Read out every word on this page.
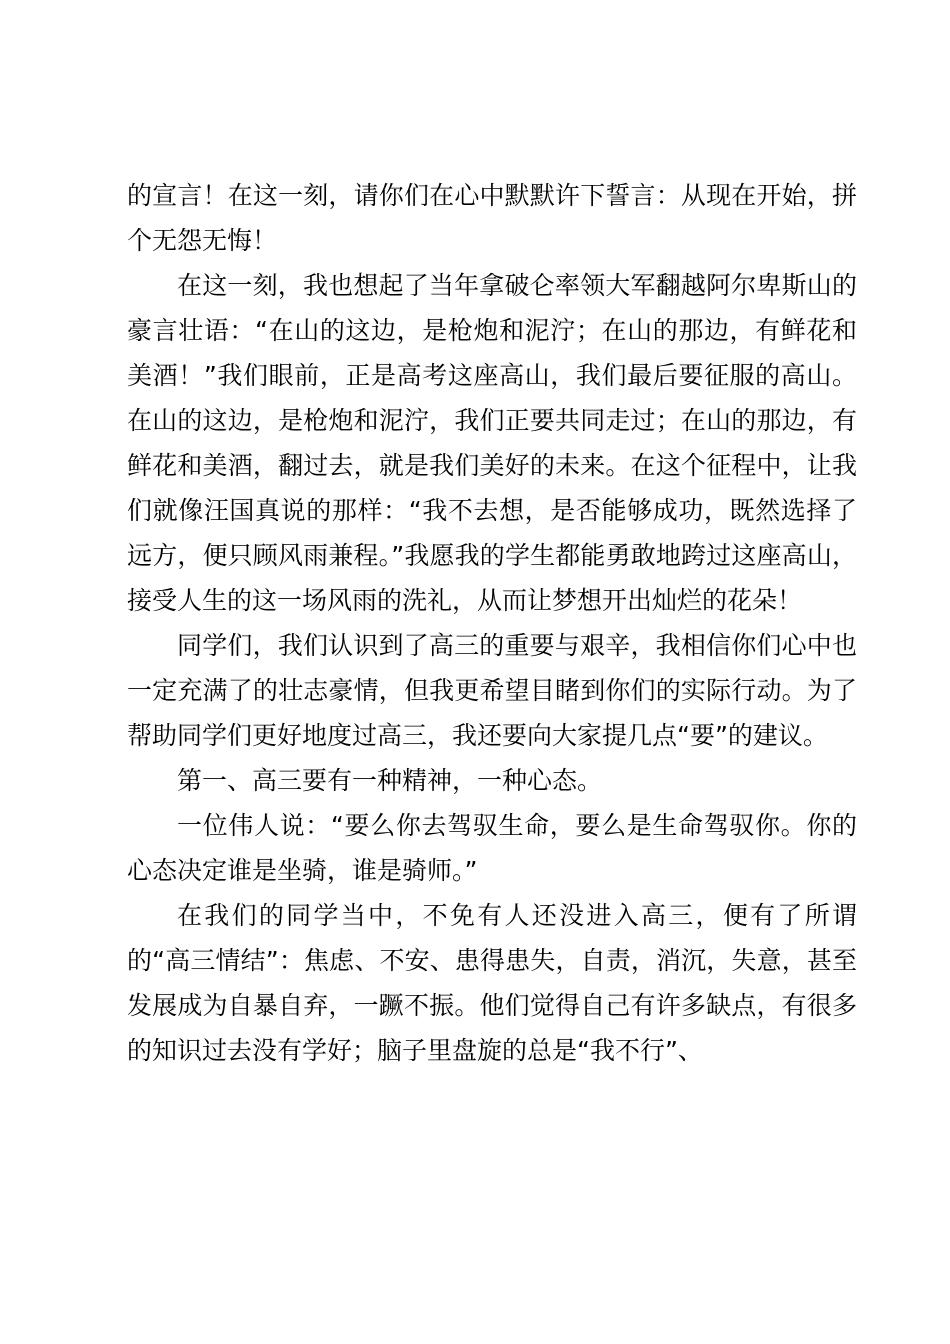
的宣言！在这一刻，请你们在心中默默许下誓言：从现在开始，拼个无怨无悔！

在这一刻，我也想起了当年拿破仑率领大军翻越阿尔卑斯山的豪言壮语：“在山的这边，是枪炮和泥泞；在山的那边，有鲜花和美酒！”我们眼前，正是高考这座高山，我们最后要征服的高山。在山的这边，是枪炮和泥泞，我们正要共同走过；在山的那边，有鲜花和美酒，翻过去，就是我们美好的未来。在这个征程中，让我们就像汪国真说的那样：“我不去想，是否能够成功，既然选择了远方，便只顾风雨兼程。”我愿我的学生都能勇敢地跨过这座高山，接受人生的这一场风雨的洗礼，从而让梦想开出灿烂的花朵！

同学们，我们认识到了高三的重要与艰辛，我相信你们心中也一定充满了的壮志豪情，但我更希望目睹到你们的实际行动。为了帮助同学们更好地度过高三，我还要向大家提几点“要”的建议。

第一、高三要有一种精神，一种心态。

一位伟人说：“要么你去驾驭生命，要么是生命驾驭你。你的心态决定谁是坐骑，谁是骑师。”

在我们的同学当中，不免有人还没进入高三，便有了所谓的“高三情结”：焦虑、不安、患得患失，自责，消沉，失意，甚至发展成为自暴自弃，一蹶不振。他们觉得自己有许多缺点，有很多的知识过去没有学好；脑子里盘旋的总是“我不行”、
